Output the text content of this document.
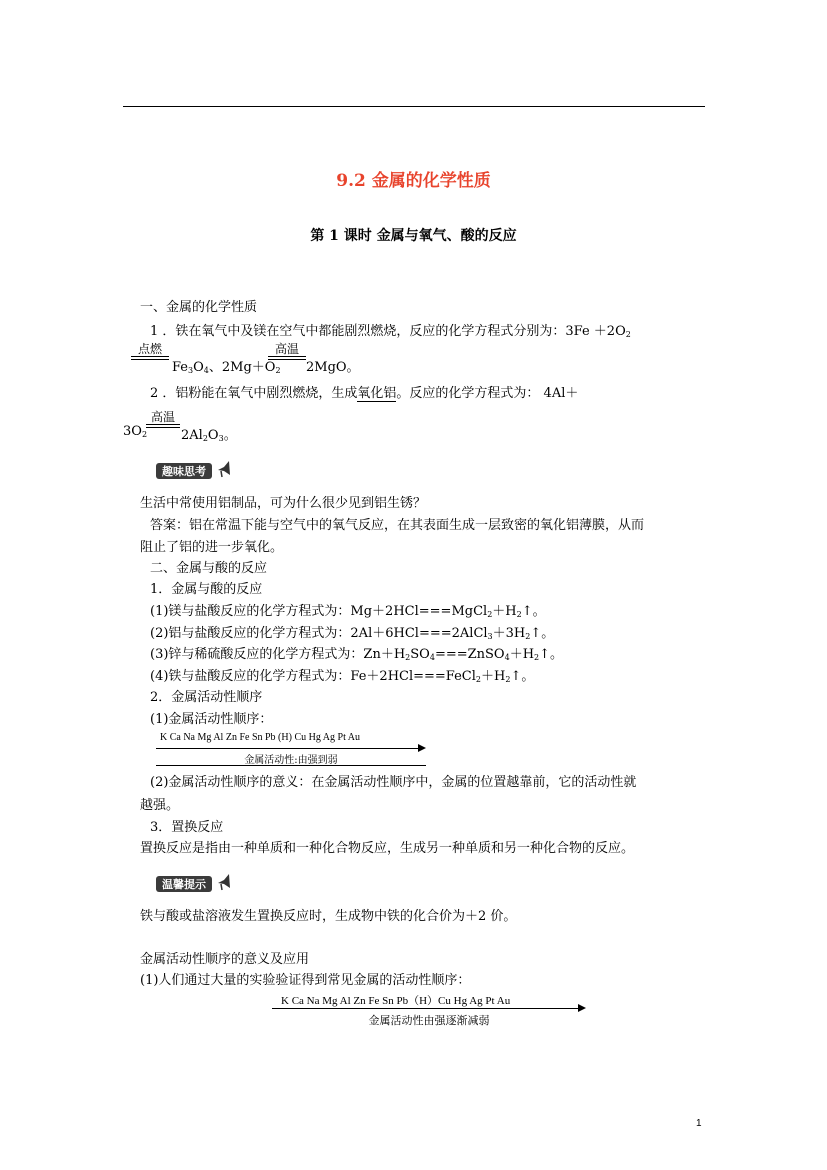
9.2 金属的化学性质
第 1 课时 金属与氧气、酸的反应
一、金属的化学性质
1 ．铁在氧气中及镁在空气中都能剧烈燃烧，反应的化学方程式分别为：$3Fe +2O_2$
点燃
$Fe_3O_4$、$2Mg+O_2$
高温
2MgO。
2 ．铝粉能在氧气中剧烈燃烧，生成氧化铝。反应的化学方程式为： 4Al＋
$3O_2$
高温
$2Al_2O_3$。
趣味思考
生活中常使用铝制品，可为什么很少见到铝生锈？
答案：铝在常温下能与空气中的氧气反应，在其表面生成一层致密的氧化铝薄膜，从而
阻止了铝的进一步氧化。
二、金属与酸的反应
1．金属与酸的反应
(1)镁与盐酸反应的化学方程式为：$Mg+2HCl===MgCl_2+H_2↑$。
(2)铝与盐酸反应的化学方程式为：$2Al+6HCl===2AlCl_3+3H_2↑$。
(3)锌与稀硫酸反应的化学方程式为：$Zn+H_2SO_4===ZnSO_4+H_2↑$。
(4)铁与盐酸反应的化学方程式为：$Fe+2HCl===FeCl_2+H_2↑$。
2．金属活动性顺序
(1)金属活动性顺序：
K Ca Na Mg Al Zn Fe Sn Pb (H) Cu Hg Ag Pt Au
金属活动性:由强到弱
(2)金属活动性顺序的意义：在金属活动性顺序中，金属的位置越靠前，它的活动性就
越强。
3．置换反应
置换反应是指由一种单质和一种化合物反应，生成另一种单质和另一种化合物的反应。
温馨提示
铁与酸或盐溶液发生置换反应时，生成物中铁的化合价为＋2 价。
金属活动性顺序的意义及应用
(1)人们通过大量的实验验证得到常见金属的活动性顺序：
K Ca Na Mg Al Zn Fe Sn Pb（H）Cu Hg Ag Pt Au
金属活动性由强逐渐减弱
1
